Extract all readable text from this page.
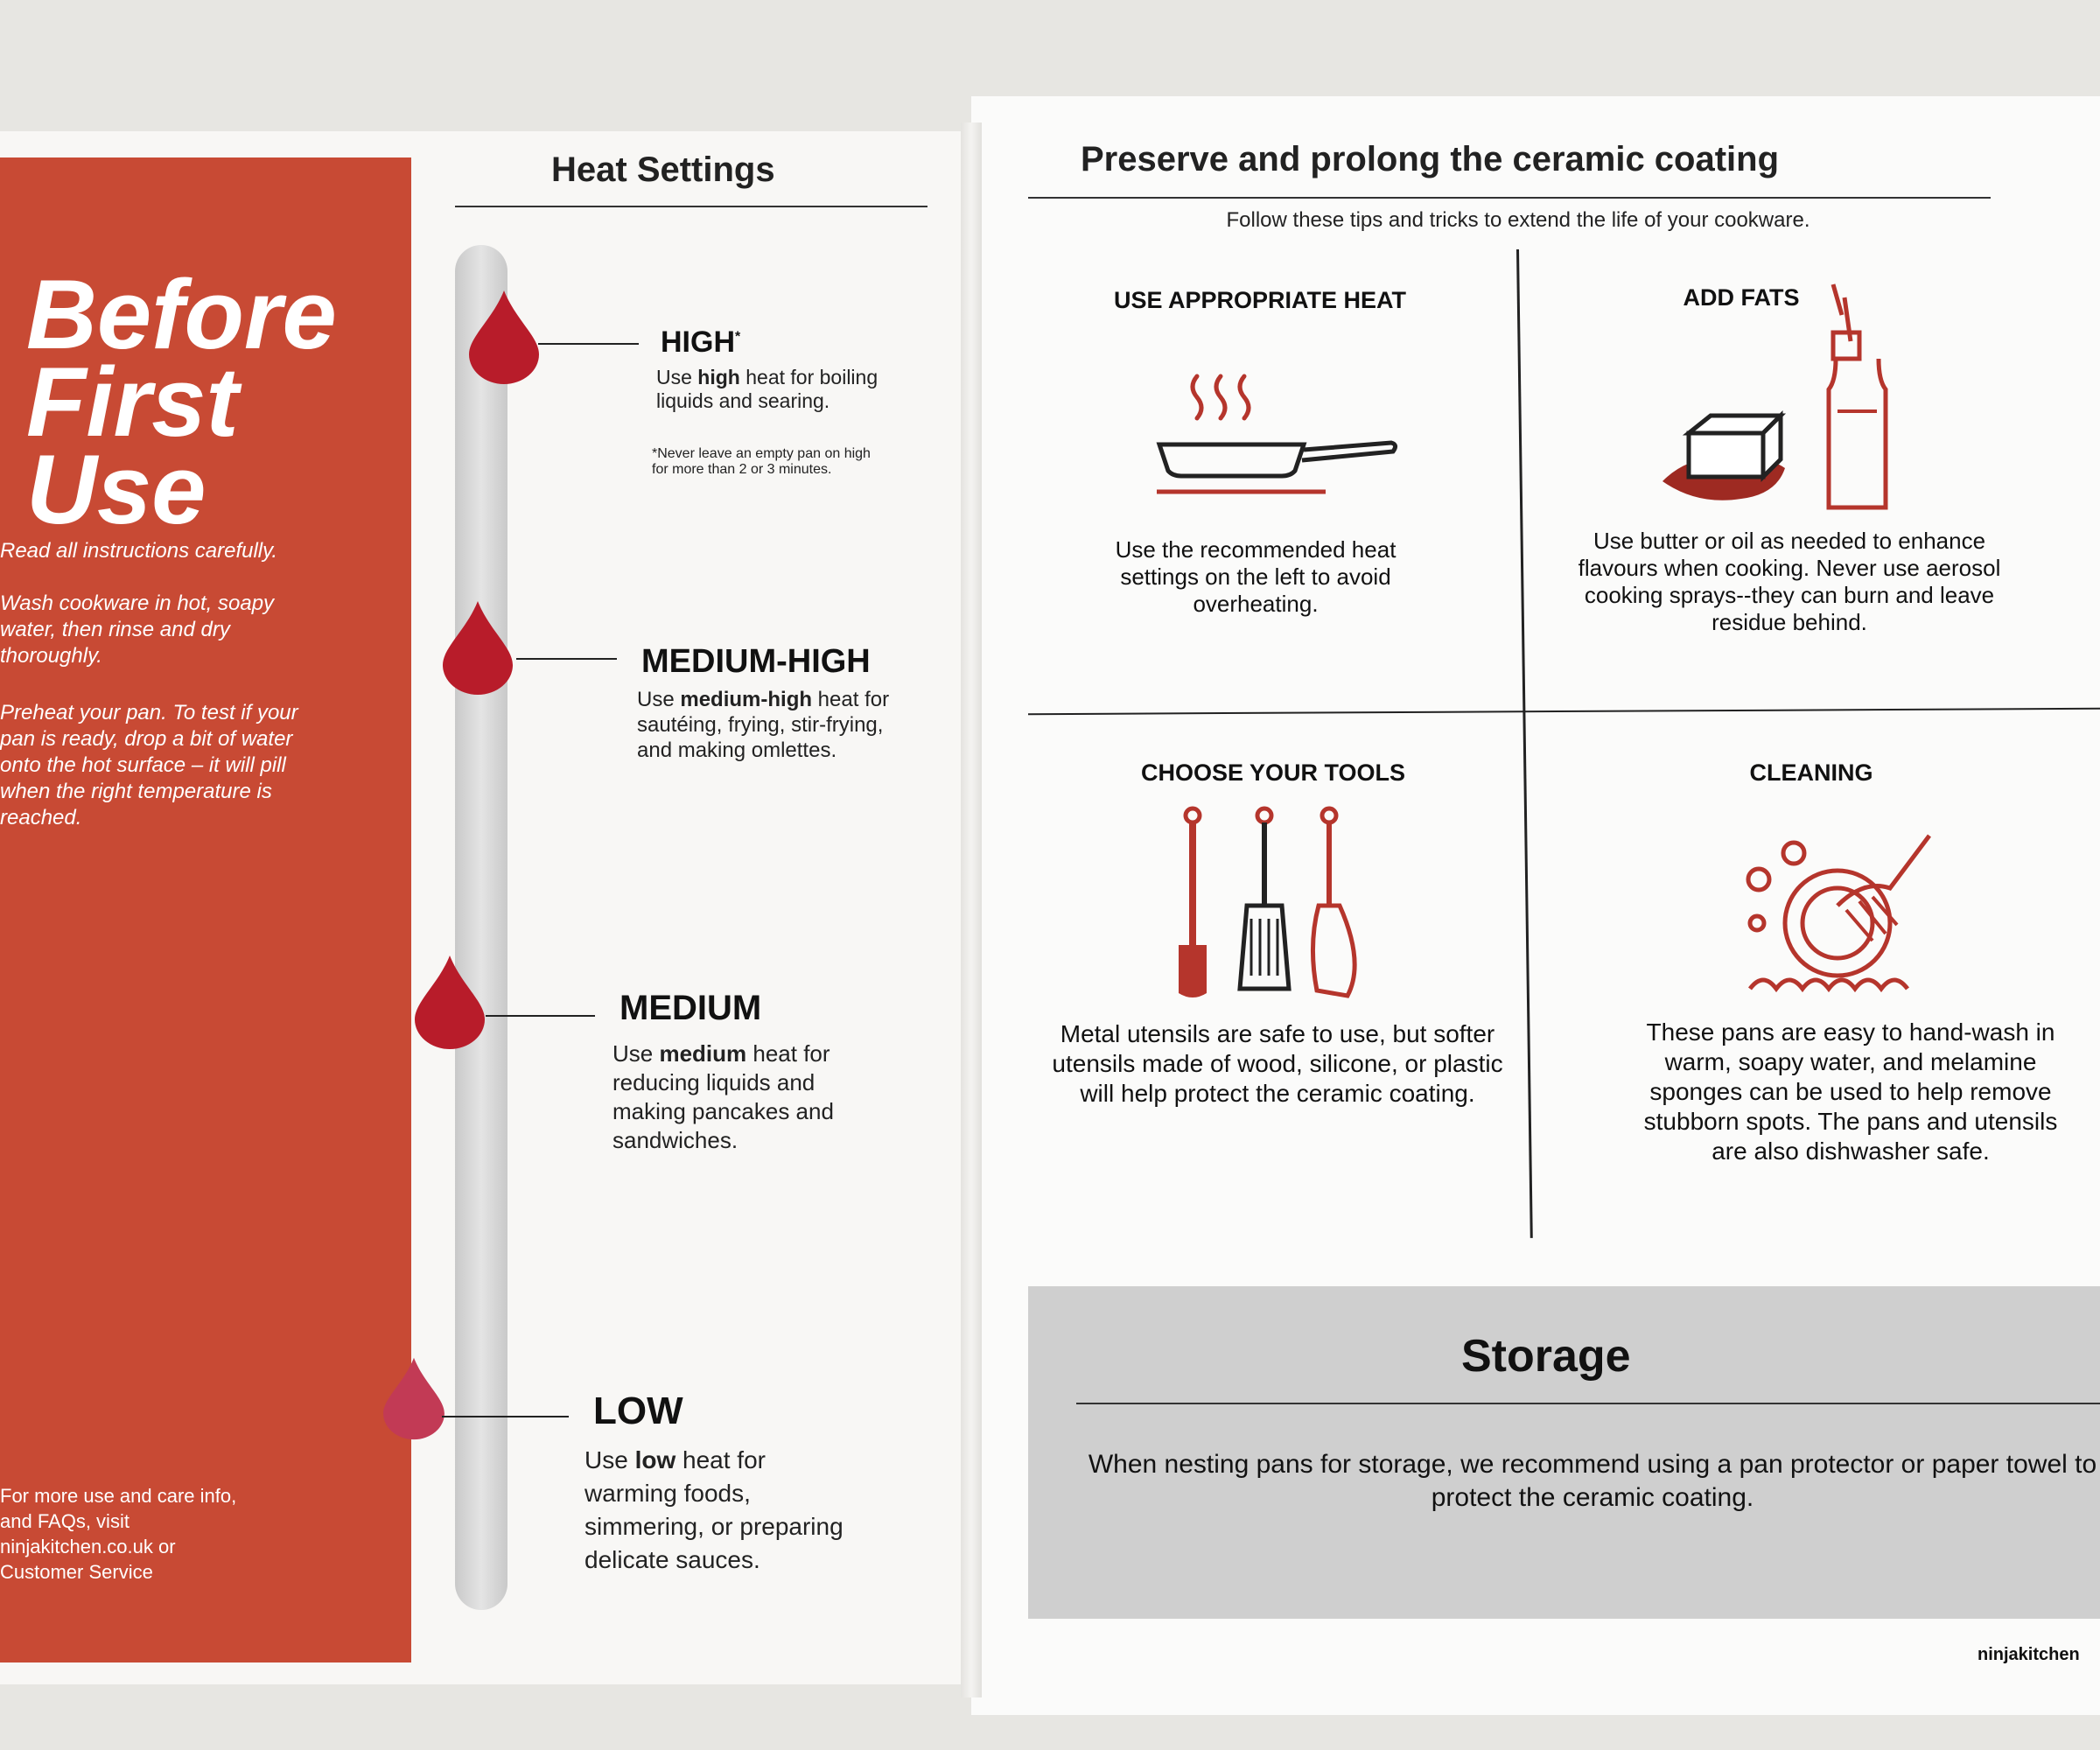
Before
First
Use
Read all instructions carefully.
Wash cookware in hot, soapy water, then rinse and dry thoroughly.
Preheat your pan. To test if your pan is ready, drop a bit of water onto the hot surface – it will pill when the right temperature is reached.
For more use and care info, and FAQs, visit ninjakitchen.co.uk or Customer Service
Heat Settings
HIGH*
Use high heat for boiling liquids and searing.
*Never leave an empty pan on high for more than 2 or 3 minutes.
MEDIUM-HIGH
Use medium-high heat for sautéing, frying, stir-frying, and making omlettes.
MEDIUM
Use medium heat for reducing liquids and making pancakes and sandwiches.
LOW
Use low heat for warming foods, simmering, or preparing delicate sauces.
Preserve and prolong the ceramic coating
Follow these tips and tricks to extend the life of your cookware.
USE APPROPRIATE HEAT
Use the recommended heat settings on the left to avoid overheating.
ADD FATS
Use butter or oil as needed to enhance flavours when cooking. Never use aerosol cooking sprays--they can burn and leave residue behind.
CHOOSE YOUR TOOLS
Metal utensils are safe to use, but softer utensils made of wood, silicone, or plastic will help protect the ceramic coating.
CLEANING
These pans are easy to hand-wash in warm, soapy water, and melamine sponges can be used to help remove stubborn spots. The pans and utensils are also dishwasher safe.
Storage
When nesting pans for storage, we recommend using a pan protector or paper towel to protect the ceramic coating.
ninjakitchen
